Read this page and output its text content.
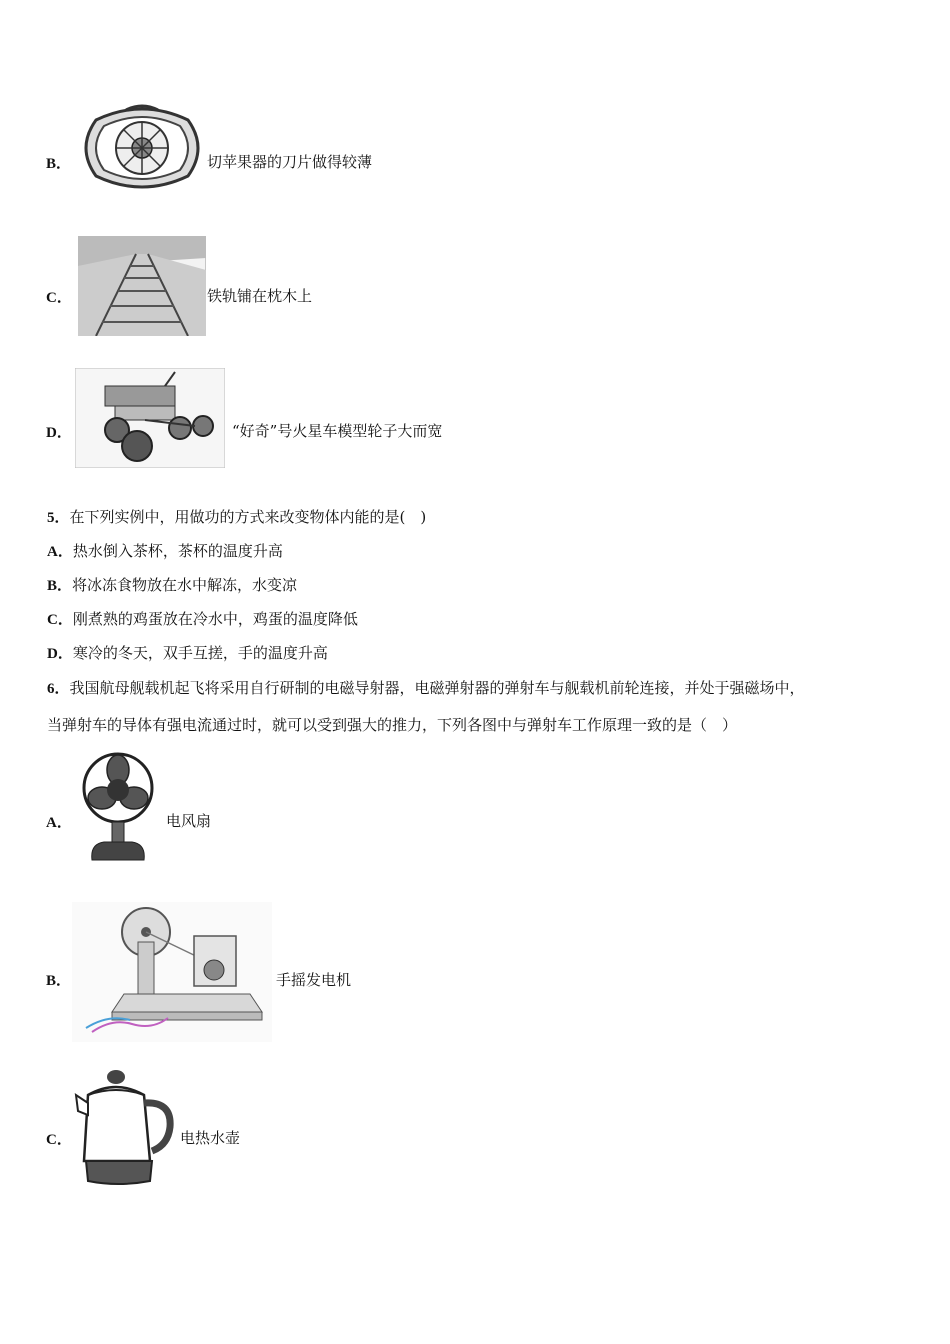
B．	切苹果器的刀片做得较薄
C．	铁轨铺在枕木上
D．	“好奇”号火星车模型轮子大而宽
5．在下列实例中，用做功的方式来改变物体内能的是(　)
A．热水倒入茶杯，茶杯的温度升高
B．将冰冻食物放在水中解冻，水变凉
C．刚煮熟的鸡蛋放在冷水中，鸡蛋的温度降低
D．寒冷的冬天，双手互搓，手的温度升高
6．我国航母舰载机起飞将采用自行研制的电磁导射器，电磁弹射器的弹射车与舰载机前轮连接，并处于强磁场中，
当弹射车的导体有强电流通过时，就可以受到强大的推力，下列各图中与弹射车工作原理一致的是（　）
A．	电风扇
B．	手摇发电机
C．	电热水壶
